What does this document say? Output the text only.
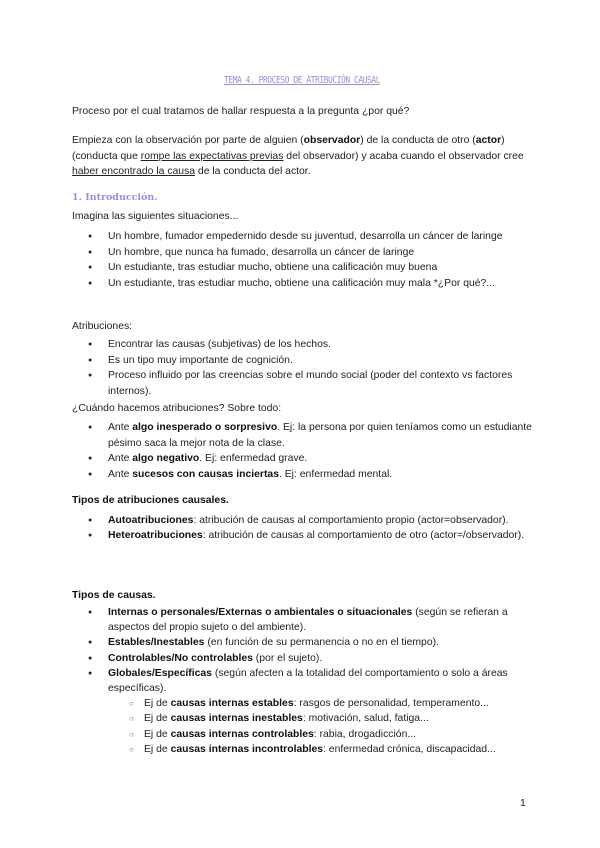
TEMA 4. PROCESO DE ATRIBUCIÓN CAUSAL
Proceso por el cual tratamos de hallar respuesta a la pregunta ¿por qué?
Empieza con la observación por parte de alguien (observador) de la conducta de otro (actor) (conducta que rompe las expectativas previas del observador) y acaba cuando el observador cree haber encontrado la causa de la conducta del actor.
1. Introducción.
Imagina las siguientes situaciones...
● Un hombre, fumador empedernido desde su juventud, desarrolla un cáncer de laringe
● Un hombre, que nunca ha fumado, desarrolla un cáncer de laringe
● Un estudiante, tras estudiar mucho, obtiene una calificación muy buena
● Un estudiante, tras estudiar mucho, obtiene una calificación muy mala *¿Por qué?...
Atribuciones:
● Encontrar las causas (subjetivas) de los hechos.
● Es un tipo muy importante de cognición.
● Proceso influido por las creencias sobre el mundo social (poder del contexto vs factores internos).
¿Cuándo hacemos atribuciones? Sobre todo:
● Ante algo inesperado o sorpresivo. Ej: la persona por quien teníamos como un estudiante pésimo saca la mejor nota de la clase.
● Ante algo negativo. Ej: enfermedad grave.
● Ante sucesos con causas inciertas. Ej: enfermedad mental.
Tipos de atribuciones causales.
● Autoatribuciones: atribución de causas al comportamiento propio (actor=observador).
● Heteroatribuciones: atribución de causas al comportamiento de otro (actor=/observador).
Tipos de causas.
● Internas o personales/Externas o ambientales o situacionales (según se refieran a aspectos del propio sujeto o del ambiente).
● Estables/Inestables (en función de su permanencia o no en el tiempo).
● Controlables/No controlables (por el sujeto).
● Globales/Específicas (según afecten a la totalidad del comportamiento o solo a áreas específicas).
○ Ej de causas internas estables: rasgos de personalidad, temperamento...
○ Ej de causas internas inestables: motivación, salud, fatiga...
○ Ej de causas internas controlables: rabia, drogadicción...
○ Ej de causas internas incontrolables: enfermedad crónica, discapacidad...
1
